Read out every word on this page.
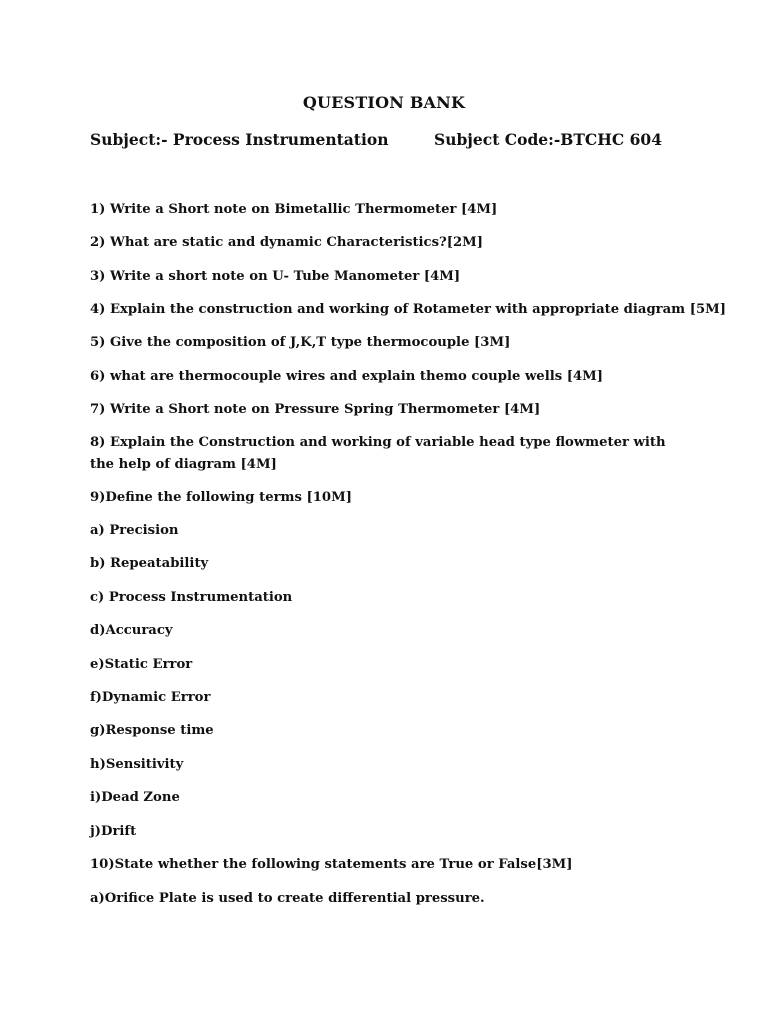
QUESTION BANK
Subject:- Process Instrumentation	Subject Code:-BTCHC 604
1) Write a Short note on Bimetallic Thermometer [4M]
2) What are static and dynamic Characteristics?[2M]
3) Write a short note on U- Tube Manometer [4M]
4) Explain the construction and working of Rotameter with appropriate diagram [5M]
5) Give the composition of J,K,T type thermocouple [3M]
6) what are thermocouple wires and explain themo couple wells [4M]
7) Write a Short note on Pressure Spring Thermometer [4M]
8) Explain the Construction and working of variable head type flowmeter with the help of diagram [4M]
9)Define the following terms [10M]
a) Precision
b) Repeatability
c) Process Instrumentation
d)Accuracy
e)Static Error
f)Dynamic Error
g)Response time
h)Sensitivity
i)Dead Zone
j)Drift
10)State whether the following statements are True or False[3M]
a)Orifice Plate is used to create differential pressure.
